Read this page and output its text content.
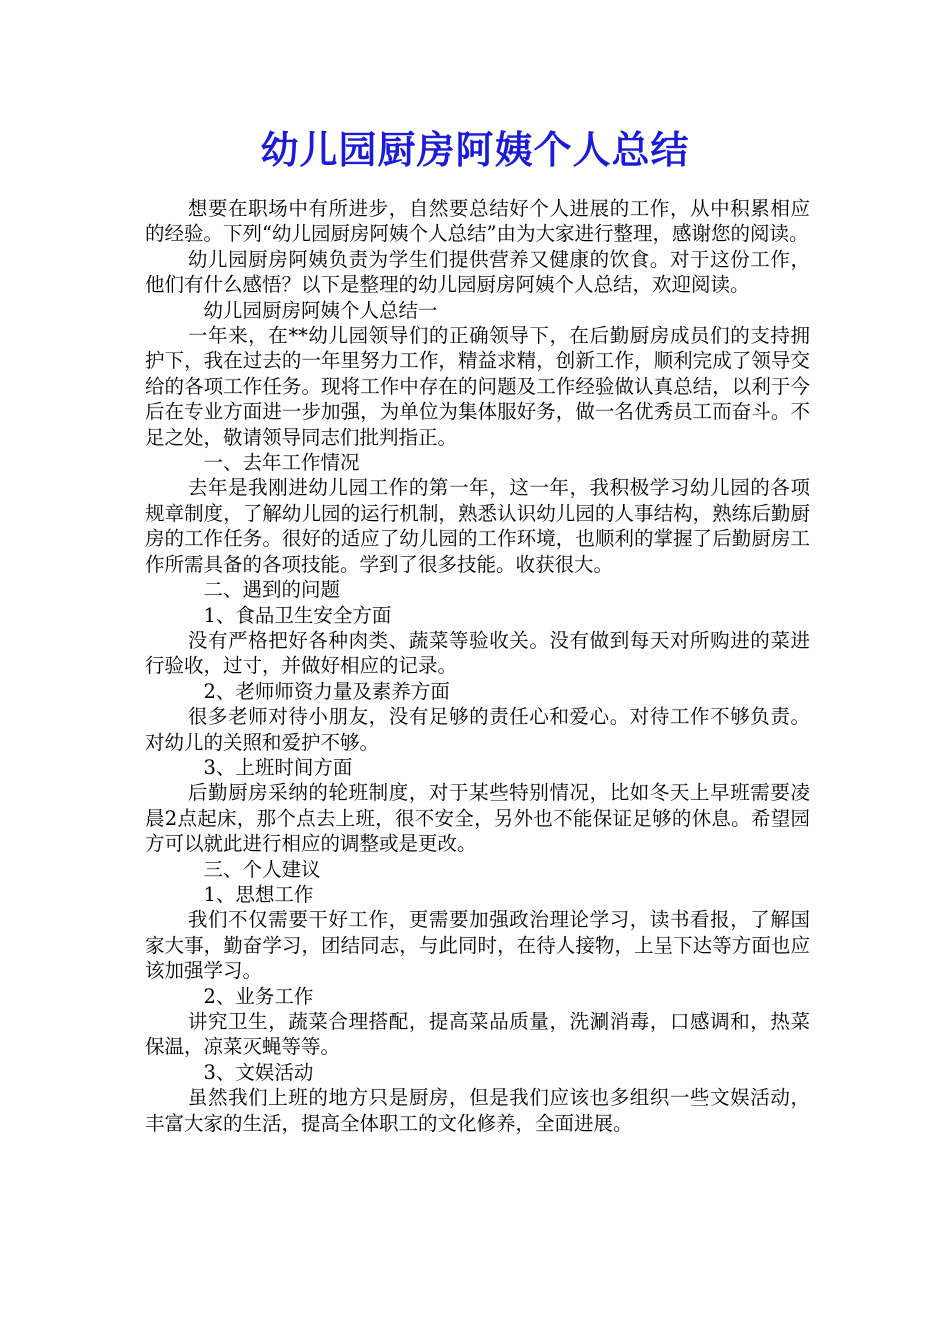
幼儿园厨房阿姨个人总结

想要在职场中有所进步，自然要总结好个人进展的工作，从中积累相应的经验。下列“幼儿园厨房阿姨个人总结”由为大家进行整理，感谢您的阅读。

幼儿园厨房阿姨负责为学生们提供营养又健康的饮食。对于这份工作，他们有什么感悟？以下是整理的幼儿园厨房阿姨个人总结，欢迎阅读。

幼儿园厨房阿姨个人总结一

一年来，在**幼儿园领导们的正确领导下，在后勤厨房成员们的支持拥护下，我在过去的一年里努力工作，精益求精，创新工作，顺利完成了领导交给的各项工作任务。现将工作中存在的问题及工作经验做认真总结，以利于今后在专业方面进一步加强，为单位为集体服好务，做一名优秀员工而奋斗。不足之处，敬请领导同志们批判指正。

一、去年工作情况

去年是我刚进幼儿园工作的第一年，这一年，我积极学习幼儿园的各项规章制度，了解幼儿园的运行机制，熟悉认识幼儿园的人事结构，熟练后勤厨房的工作任务。很好的适应了幼儿园的工作环境，也顺利的掌握了后勤厨房工作所需具备的各项技能。学到了很多技能。收获很大。

二、遇到的问题

1、食品卫生安全方面

没有严格把好各种肉类、蔬菜等验收关。没有做到每天对所购进的菜进行验收，过寸，并做好相应的记录。

2、老师师资力量及素养方面

很多老师对待小朋友，没有足够的责任心和爱心。对待工作不够负责。对幼儿的关照和爱护不够。

3、上班时间方面

后勤厨房采纳的轮班制度，对于某些特别情况，比如冬天上早班需要凌晨2点起床，那个点去上班，很不安全，另外也不能保证足够的休息。希望园方可以就此进行相应的调整或是更改。

三、个人建议

1、思想工作

我们不仅需要干好工作，更需要加强政治理论学习，读书看报，了解国家大事，勤奋学习，团结同志，与此同时，在待人接物，上呈下达等方面也应该加强学习。

2、业务工作

讲究卫生，蔬菜合理搭配，提高菜品质量，洗涮消毒，口感调和，热菜保温，凉菜灭蝇等等。

3、文娱活动

虽然我们上班的地方只是厨房，但是我们应该也多组织一些文娱活动，丰富大家的生活，提高全体职工的文化修养，全面进展。
